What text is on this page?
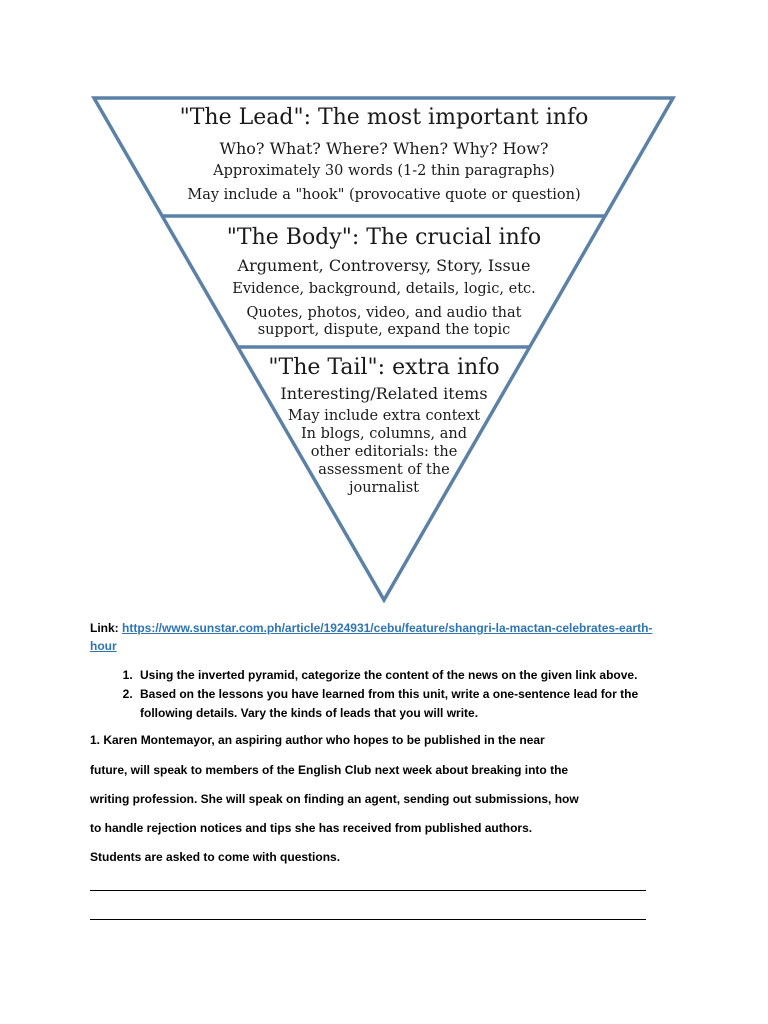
"The Lead": The most important info
Who? What? Where? When? Why? How?
Approximately 30 words (1-2 thin paragraphs)
May include a "hook" (provocative quote or question)
"The Body": The crucial info
Argument, Controversy, Story, Issue
Evidence, background, details, logic, etc.
Quotes, photos, video, and audio that
support, dispute, expand the topic
"The Tail": extra info
Interesting/Related items
May include extra context
In blogs, columns, and
other editorials: the
assessment of the
journalist
Link: https://www.sunstar.com.ph/article/1924931/cebu/feature/shangri-la-mactan-celebrates-earth-
hour
1. Using the inverted pyramid, categorize the content of the news on the given link above.
2. Based on the lessons you have learned from this unit, write a one-sentence lead for the following details. Vary the kinds of leads that you will write.
1. Karen Montemayor, an aspiring author who hopes to be published in the near
future, will speak to members of the English Club next week about breaking into the
writing profession. She will speak on finding an agent, sending out submissions, how
to handle rejection notices and tips she has received from published authors.
Students are asked to come with questions.
